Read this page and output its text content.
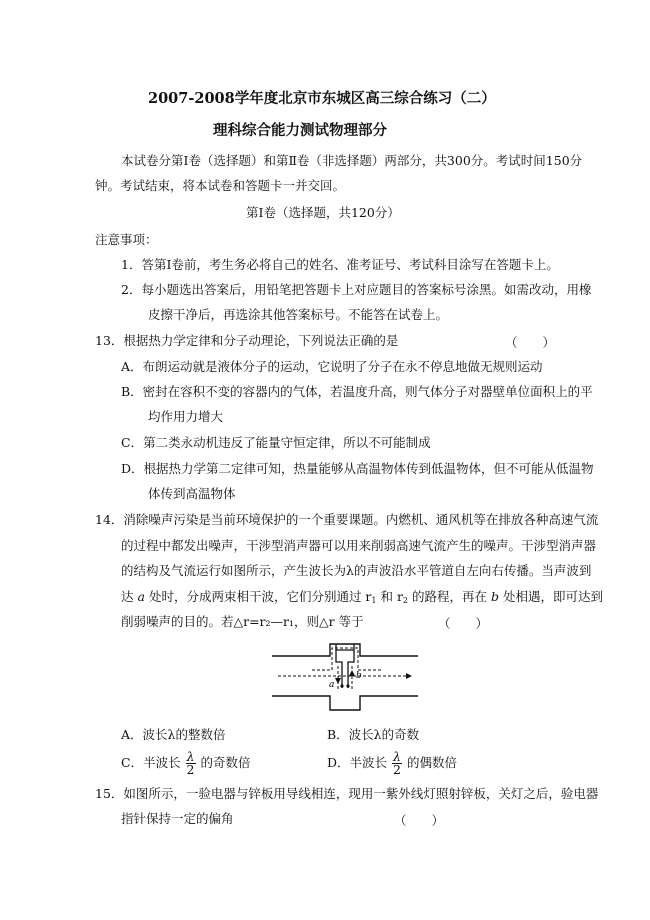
2007-2008学年度北京市东城区高三综合练习（二）
理科综合能力测试物理部分
本试卷分第Ⅰ卷（选择题）和第Ⅱ卷（非选择题）两部分，共300分。考试时间150分
钟。考试结束，将本试卷和答题卡一并交回。
第Ⅰ卷（选择题，共120分）
注意事项：
1．答第Ⅰ卷前，考生务必将自己的姓名、准考证号、考试科目涂写在答题卡上。
2．每小题选出答案后，用铅笔把答题卡上对应题目的答案标号涂黑。如需改动，用橡
皮擦干净后，再选涂其他答案标号。不能答在试卷上。
13．根据热力学定律和分子动理论，下列说法正确的是	（　　）
A．布朗运动就是液体分子的运动，它说明了分子在永不停息地做无规则运动
B．密封在容积不变的容器内的气体，若温度升高，则气体分子对器壁单位面积上的平
均作用力增大
C．第二类永动机违反了能量守恒定律，所以不可能制成
D．根据热力学第二定律可知，热量能够从高温物体传到低温物体，但不可能从低温物
体传到高温物体
14．消除噪声污染是当前环境保护的一个重要课题。内燃机、通风机等在排放各种高速气流
的过程中都发出噪声，干涉型消声器可以用来削弱高速气流产生的噪声。干涉型消声器
的结构及气流运行如图所示，产生波长为λ的声波沿水平管道自左向右传播。当声波到
达 a 处时，分成两束相干波，它们分别通过 $r_1$ 和 $r_2$ 的路程，再在 b 处相遇，即可达到
削弱噪声的目的。若△r=r₂—r₁，则△r 等于	（　　）
a
b
A．波长λ的整数倍	B．波长λ的奇数
C．半波长 $\frac{\lambda}{2}$ 的奇数倍	D．半波长 $\frac{\lambda}{2}$ 的偶数倍
15．如图所示，一验电器与锌板用导线相连，现用一紫外线灯照射锌板，关灯之后，验电器
指针保持一定的偏角	（　　）
